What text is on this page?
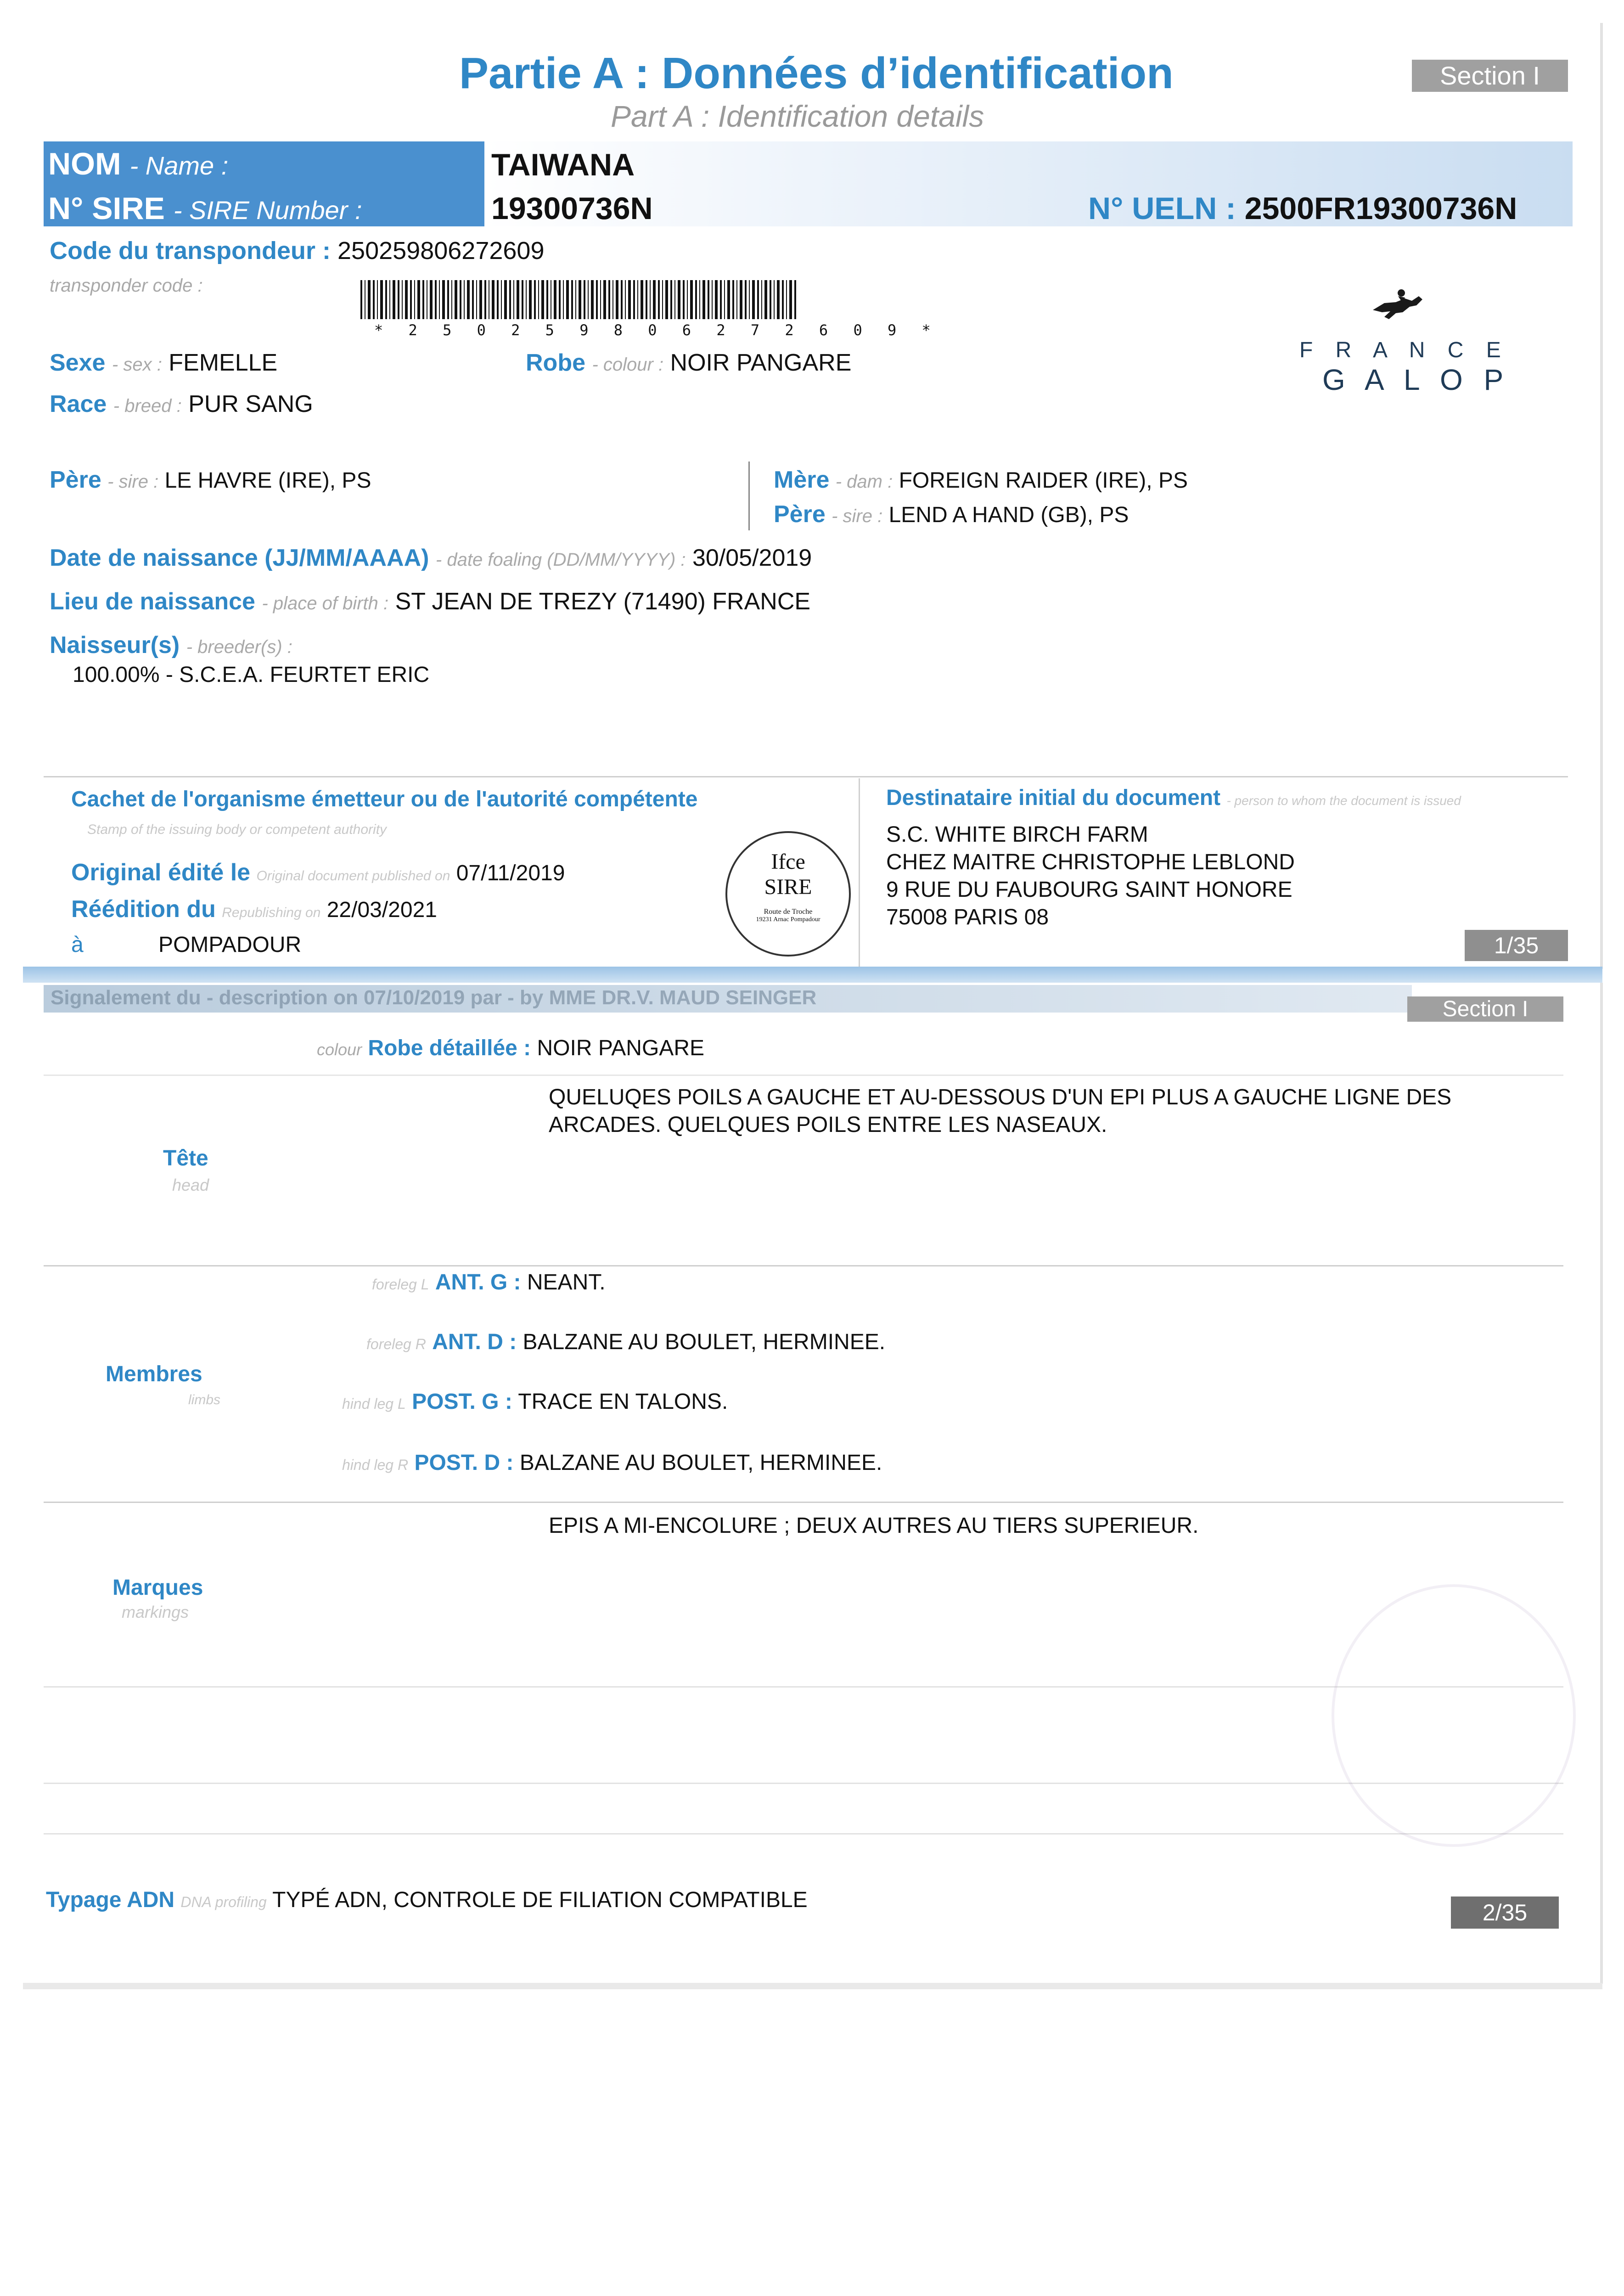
Partie A : Données d’identification
Part A : Identification details
Section I
NOM - Name :
N° SIRE - SIRE Number :
TAIWANA
19300736N	N° UELN : 2500FR19300736N
Code du transpondeur : 250259806272609
transponder code :
* 2 5 0 2 5 9 8 0 6 2 7 2 6 0 9 *
F R A N C E
G A L O P
Sexe - sex : FEMELLE	Robe - colour : NOIR PANGARE
Race - breed : PUR SANG
Père - sire : LE HAVRE (IRE), PS	Mère - dam : FOREIGN RAIDER (IRE), PS
Père - sire : LEND A HAND (GB), PS
Date de naissance (JJ/MM/AAAA) - date foaling (DD/MM/YYYY) : 30/05/2019
Lieu de naissance - place of birth : ST JEAN DE TREZY (71490) FRANCE
Naisseur(s) - breeder(s) :
100.00% - S.C.E.A. FEURTET ERIC
Cachet de l'organisme émetteur ou de l'autorité compétente
Stamp of the issuing body or competent authority
Original édité le Original document published on 07/11/2019
Réédition du Republishing on 22/03/2021
à	POMPADOUR
Ifce
SIRE
Route de Troche
19231 Arnac Pompadour
Destinataire initial du document - person to whom the document is issued
S.C. WHITE BIRCH FARM
CHEZ MAITRE CHRISTOPHE LEBLOND
9 RUE DU FAUBOURG SAINT HONORE
75008 PARIS 08
1/35
Signalement du - description on 07/10/2019 par - by MME DR.V. MAUD SEINGER	Section I
colour Robe détaillée : NOIR PANGARE
QUELUQES POILS A GAUCHE ET AU-DESSOUS D'UN EPI PLUS A GAUCHE LIGNE DES ARCADES. QUELQUES POILS ENTRE LES NASEAUX.
Tête
head
Membres
limbs
foreleg L ANT. G : NEANT.
foreleg R ANT. D : BALZANE AU BOULET, HERMINEE.
hind leg L POST. G : TRACE EN TALONS.
hind leg R POST. D : BALZANE AU BOULET, HERMINEE.
EPIS A MI-ENCOLURE ; DEUX AUTRES AU TIERS SUPERIEUR.
Marques
markings
Typage ADN DNA profiling TYPÉ ADN, CONTROLE DE FILIATION COMPATIBLE	2/35
